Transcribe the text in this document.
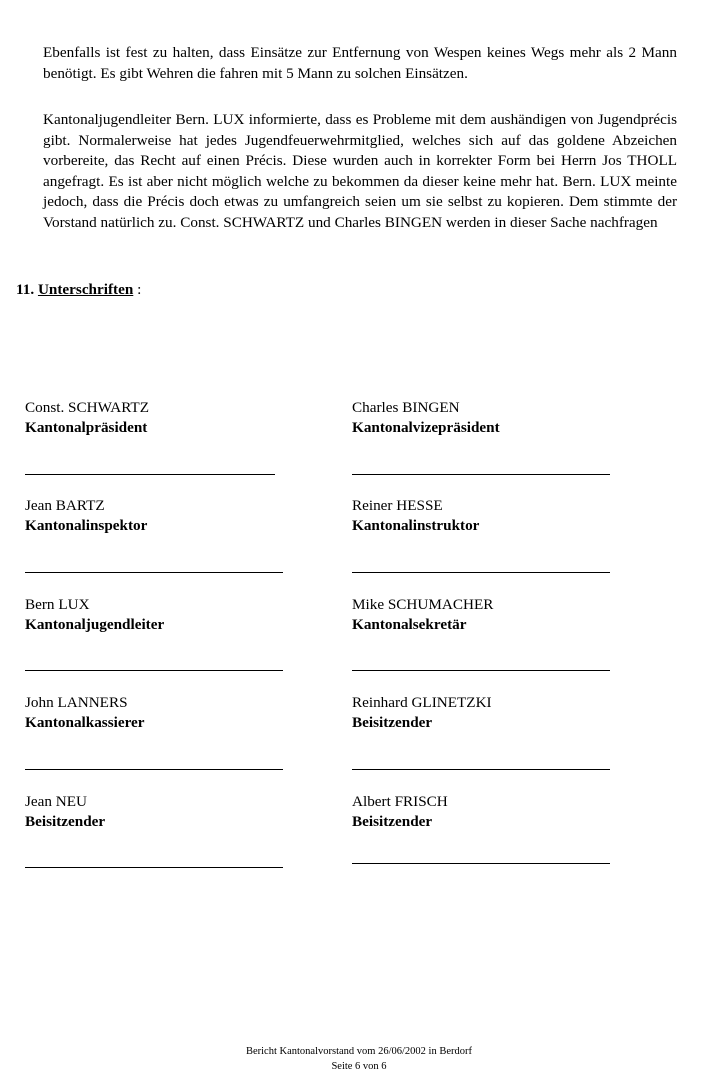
Ebenfalls ist fest zu halten, dass Einsätze zur Entfernung von Wespen keines Wegs mehr als 2 Mann benötigt. Es gibt Wehren die fahren mit 5 Mann zu solchen Einsätzen.
Kantonaljugendleiter Bern. LUX informierte, dass es Probleme mit dem aushändigen von Jugendprécis gibt. Normalerweise hat jedes Jugendfeuerwehrmitglied, welches sich auf das goldene Abzeichen vorbereite, das Recht auf einen Précis. Diese wurden auch in korrekter Form bei Herrn Jos THOLL angefragt. Es ist aber nicht möglich welche zu bekommen da dieser keine mehr hat. Bern. LUX meinte jedoch, dass die Précis doch etwas zu umfangreich seien um sie selbst zu kopieren. Dem stimmte der Vorstand natürlich zu. Const. SCHWARTZ und Charles BINGEN werden in dieser Sache nachfragen
11. Unterschriften :
Const. SCHWARTZ
Kantonalpräsident
Charles BINGEN
Kantonalvizepräsident
Jean BARTZ
Kantonalinspektor
Reiner HESSE
Kantonalinstruktor
Bern LUX
Kantonaljugendleiter
Mike SCHUMACHER
Kantonalsekretär
John LANNERS
Kantonalkassierer
Reinhard GLINETZKI
Beisitzender
Jean NEU
Beisitzender
Albert FRISCH
Beisitzender
Bericht Kantonalvorstand vom 26/06/2002 in Berdorf
Seite 6 von 6
